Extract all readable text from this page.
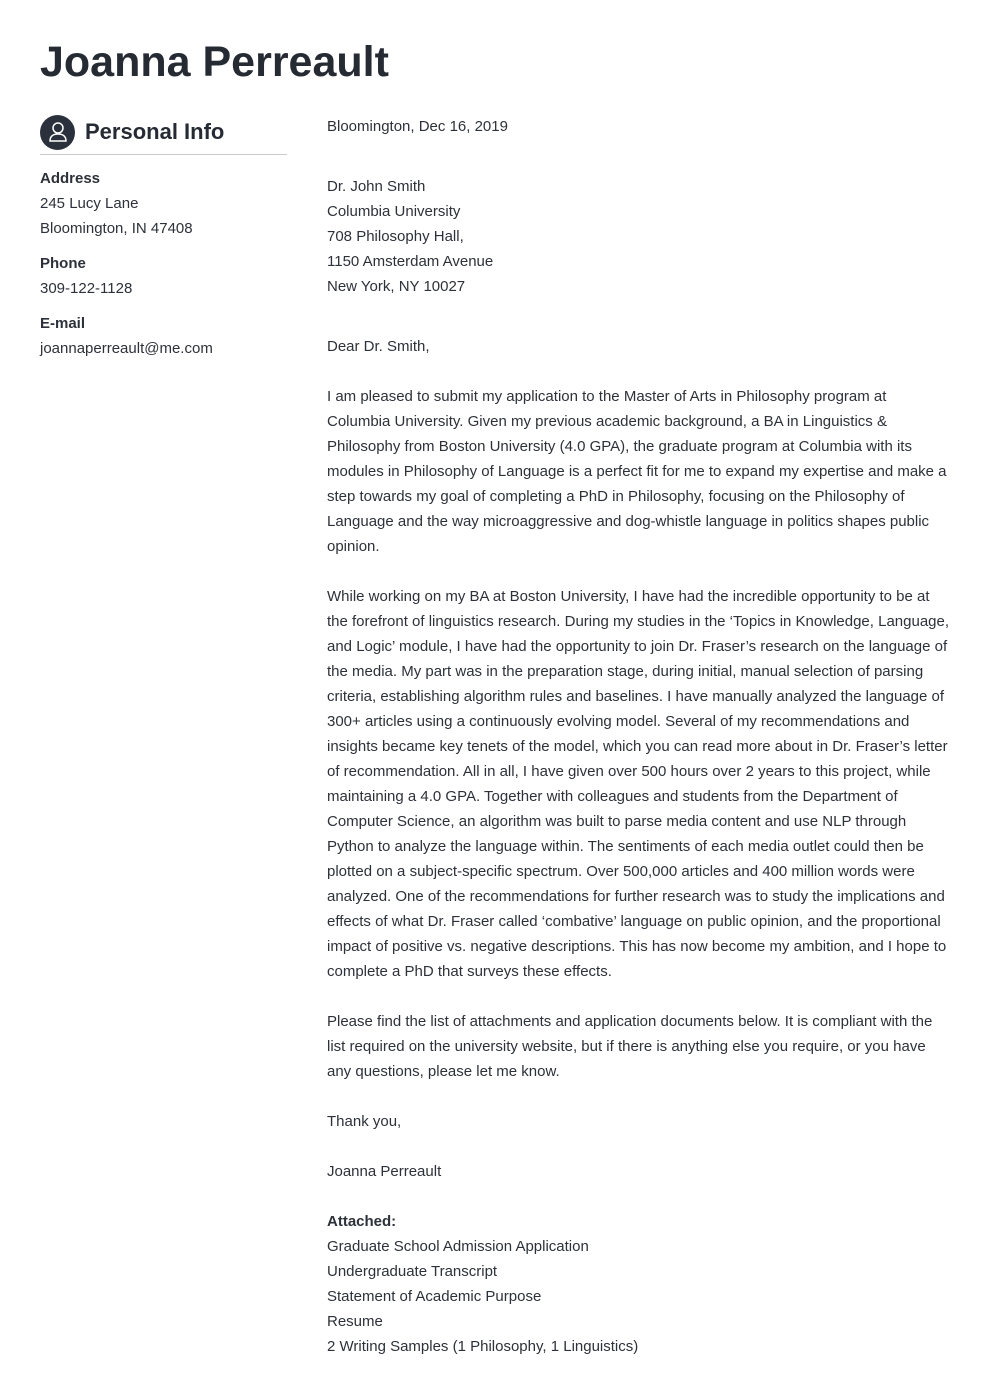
Joanna Perreault
Personal Info
Address
245 Lucy Lane
Bloomington, IN 47408
Phone
309-122-1128
E-mail
joannaperreault@me.com
Bloomington, Dec 16, 2019
Dr. John Smith
Columbia University
708 Philosophy Hall,
1150 Amsterdam Avenue
New York, NY 10027
Dear Dr. Smith,

I am pleased to submit my application to the Master of Arts in Philosophy program at Columbia University. Given my previous academic background, a BA in Linguistics & Philosophy from Boston University (4.0 GPA), the graduate program at Columbia with its modules in Philosophy of Language is a perfect fit for me to expand my expertise and make a step towards my goal of completing a PhD in Philosophy, focusing on the Philosophy of Language and the way microaggressive and dog-whistle language in politics shapes public opinion.

While working on my BA at Boston University, I have had the incredible opportunity to be at the forefront of linguistics research. During my studies in the ‘Topics in Knowledge, Language, and Logic’ module, I have had the opportunity to join Dr. Fraser’s research on the language of the media. My part was in the preparation stage, during initial, manual selection of parsing criteria, establishing algorithm rules and baselines. I have manually analyzed the language of 300+ articles using a continuously evolving model. Several of my recommendations and insights became key tenets of the model, which you can read more about in Dr. Fraser’s letter of recommendation. All in all, I have given over 500 hours over 2 years to this project, while maintaining a 4.0 GPA. Together with colleagues and students from the Department of Computer Science, an algorithm was built to parse media content and use NLP through Python to analyze the language within. The sentiments of each media outlet could then be plotted on a subject-specific spectrum. Over 500,000 articles and 400 million words were analyzed. One of the recommendations for further research was to study the implications and effects of what Dr. Fraser called ‘combative’ language on public opinion, and the proportional impact of positive vs. negative descriptions. This has now become my ambition, and I hope to complete a PhD that surveys these effects.

Please find the list of attachments and application documents below. It is compliant with the list required on the university website, but if there is anything else you require, or you have any questions, please let me know.

Thank you,
Joanna Perreault
Attached:
Graduate School Admission Application
Undergraduate Transcript
Statement of Academic Purpose
Resume
2 Writing Samples (1 Philosophy, 1 Linguistics)
